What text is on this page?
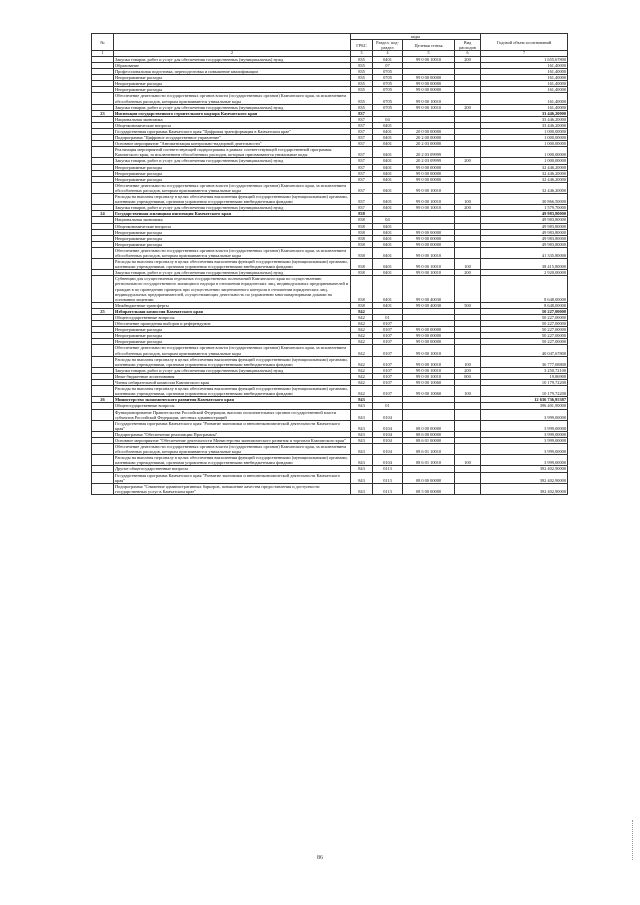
№		коды				Годовой объем ассигнований
		ГРБС	Раздел, под-раздел	Целевая статья	Вид расходов	
1	2	3	4	5	6	7
	Закупка товаров, работ и услуг для обеспечения государственных (муниципальных) нужд	835	0401	99 0 00 10010	200	1 655,67800
	Образование	835	07			161,40000
	Профессиональная подготовка, переподготовка и повышение квалификации	835	0705			161,40000
	Непрограммные расходы	835	0705	99 0 00 00000		161,40000
	Непрограммные расходы	835	0705	99 0 00 00000		161,40000
	Непрограммные расходы	835	0705	99 0 00 00000		161,40000
	Обеспечение деятельности государственных органов власти (государственных органов) Камчатского края, за исключением обособленных расходов, которым присваиваются уникальные коды	835	0705	99 0 00 10010		161,40000
	Закупка товаров, работ и услуг для обеспечения государственных (муниципальных) нужд	835	0705	99 0 00 10010	200	161,40000
23	Инспекция государственного строительного надзора Камчатского края	837				33 446,20000
	Национальная экономика	837	04			33 446,20000
	Общеэкономические вопросы	837	0401			33 446,20000
	Государственная программа Камчатского края "Цифровая трансформация в Камчатском крае"	837	0401	20 0 00 00000		1 000,00000
	Подпрограмма "Цифровое государственное управление"	837	0401	20 2 00 00000		1 000,00000
	Основное мероприятие "Автоматизация контрольно-надзорной деятельности"	837	0401	20 2 03 00000		1 000,00000
	Реализация мероприятий соответствующей подпрограммы в рамках соответствующей государственной программы Камчатского края, за исключением обособленных расходов, которым присваиваются уникальные коды	837	0401	20 2 03 09999		1 000,00000
	Закупка товаров, работ и услуг для обеспечения государственных (муниципальных) нужд	837	0401	20 2 03 09999	200	1 000,00000
	Непрограммные расходы	837	0401	99 0 00 00000		32 446,20000
	Непрограммные расходы	837	0401	99 0 00 00000		32 446,20000
	Непрограммные расходы	837	0401	99 0 00 00000		32 446,20000
	Обеспечение деятельности государственных органов власти (государственных органов) Камчатского края, за исключением обособленных расходов, которым присваиваются уникальные коды	837	0401	99 0 00 10010		32 446,20000
	Расходы на выплаты персоналу в целях обеспечения выполнения функций государственными (муниципальными) органами, казенными учреждениями, органами управления государственными внебюджетными фондами	837	0401	99 0 00 10010	100	30 866,50000
	Закупка товаров, работ и услуг для обеспечения государственных (муниципальных) нужд	837	0401	99 0 00 10010	200	1 579,70000
24	Государственная жилищная инспекция Камчатского края	838				49 983,80000
	Национальная экономика	838	04			49 983,80000
	Общеэкономические вопросы	838	0401			49 983,80000
	Непрограммные расходы	838	0401	99 0 00 00000		49 983,80000
	Непрограммные расходы	838	0401	99 0 00 00000		49 983,80000
	Непрограммные расходы	838	0401	99 0 00 00000		49 983,80000
	Обеспечение деятельности государственных органов власти (государственных органов) Камчатского края, за исключением обособленных расходов, которым присваиваются уникальные коды	838	0401	99 0 00 10010		41 335,80000
	Расходы на выплаты персоналу в целях обеспечения выполнения функций государственными (муниципальными) органами, казенными учреждениями, органами управления государственными внебюджетными фондами	838	0401	99 0 00 10010	100	38 415,80000
	Закупка товаров, работ и услуг для обеспечения государственных (муниципальных) нужд	838	0401	99 0 00 10010	200	2 920,00000
	Субвенции для осуществления отдельных государственных полномочий Камчатского края по осуществлению регионального государственного жилищного надзора в отношении юридических лиц, индивидуальных предпринимателей и граждан в по проведению проверок при осуществлении лицензионного контроля в отношении юридических лиц, индивидуальных предпринимателей, осуществляющих деятельность по управлению многоквартирными домами на основании лицензии	838	0401	99 0 00 40030		8 648,00000
	Межбюджетные трансферты	838	0401	99 0 00 40030	500	8 648,00000
25	Избирательная комиссия Камчатского края	842				50 227,00000
	Общегосударственные вопросы	842	01			50 227,00000
	Обеспечение проведения выборов и референдумов	842	0107			50 227,00000
	Непрограммные расходы	842	0107	99 0 00 00000		50 227,00000
	Непрограммные расходы	842	0107	99 0 00 00000		50 227,00000
	Непрограммные расходы	842	0107	99 0 00 00000		50 227,00000
	Обеспечение деятельности государственных органов власти (государственных органов) Камчатского края, за исключением обособленных расходов, которым присваиваются уникальные коды	842	0107	99 0 00 10010		40 047,67800
	Расходы на выплаты персоналу в целях обеспечения выполнения функций государственными (муниципальными) органами, казенными учреждениями, органами управления государственными внебюджетными фондами	842	0107	99 0 00 10010	100	36 777,08800
	Закупка товаров, работ и услуг для обеспечения государственных (муниципальных) нужд	842	0107	99 0 00 10010	200	3 250,72100
	Иные бюджетные ассигнования	842	0107	99 0 00 10010	800	19,86900
	Члены избирательной комиссии Камчатского края	842	0107	99 0 00 10060		10 179,72200
	Расходы на выплаты персоналу в целях обеспечения выполнения функций государственными (муниципальными) органами, казенными учреждениями, органами управления государственными внебюджетными фондами	842	0107	99 0 00 10060	100	10 179,72200
26	Министерство экономического развития Камчатского края	843				12 636 736,95387
	Общегосударственные вопросы	843	01			396 401,90000
	Функционирование Правительства Российской Федерации, высших исполнительных органов государственной власти субъектов Российской Федерации, местных администраций	843	0104			3 999,00000
	Государственная программа Камчатского края "Развитие экономики и внешнеэкономической деятельности Камчатского края"	843	0104	08 0 00 00000		3 999,00000
	Подпрограмма "Обеспечение реализации Программы"	843	0104	08 6 00 00000		3 999,00000
	Основное мероприятие "Обеспечение деятельности Министерства экономического развития и торговли Камчатского края"	843	0104	08 6 01 00000		3 999,00000
	Обеспечение деятельности государственных органов власти (государственных органов) Камчатского края, за исключением обособленных расходов, которым присваиваются уникальные коды	843	0104	08 6 01 10010		3 999,00000
	Расходы на выплаты персоналу в целях обеспечения выполнения функций государственными (муниципальными) органами, казенными учреждениями, органами управления государственными внебюджетными фондами	843	0104	08 6 01 10010	100	3 999,00000
	Другие общегосударственные вопросы	843	0113			392 402,90000
	Государственная программа Камчатского края "Развитие экономики и внешнеэкономической деятельности Камчатского края"	843	0113	08 0 00 00000		392 402,90000
	Подпрограмма "Снижение административных барьеров, повышение качества предоставления и доступности государственных услуг в Камчатском крае"	843	0113	08 5 00 00000		392 402,90000
86
